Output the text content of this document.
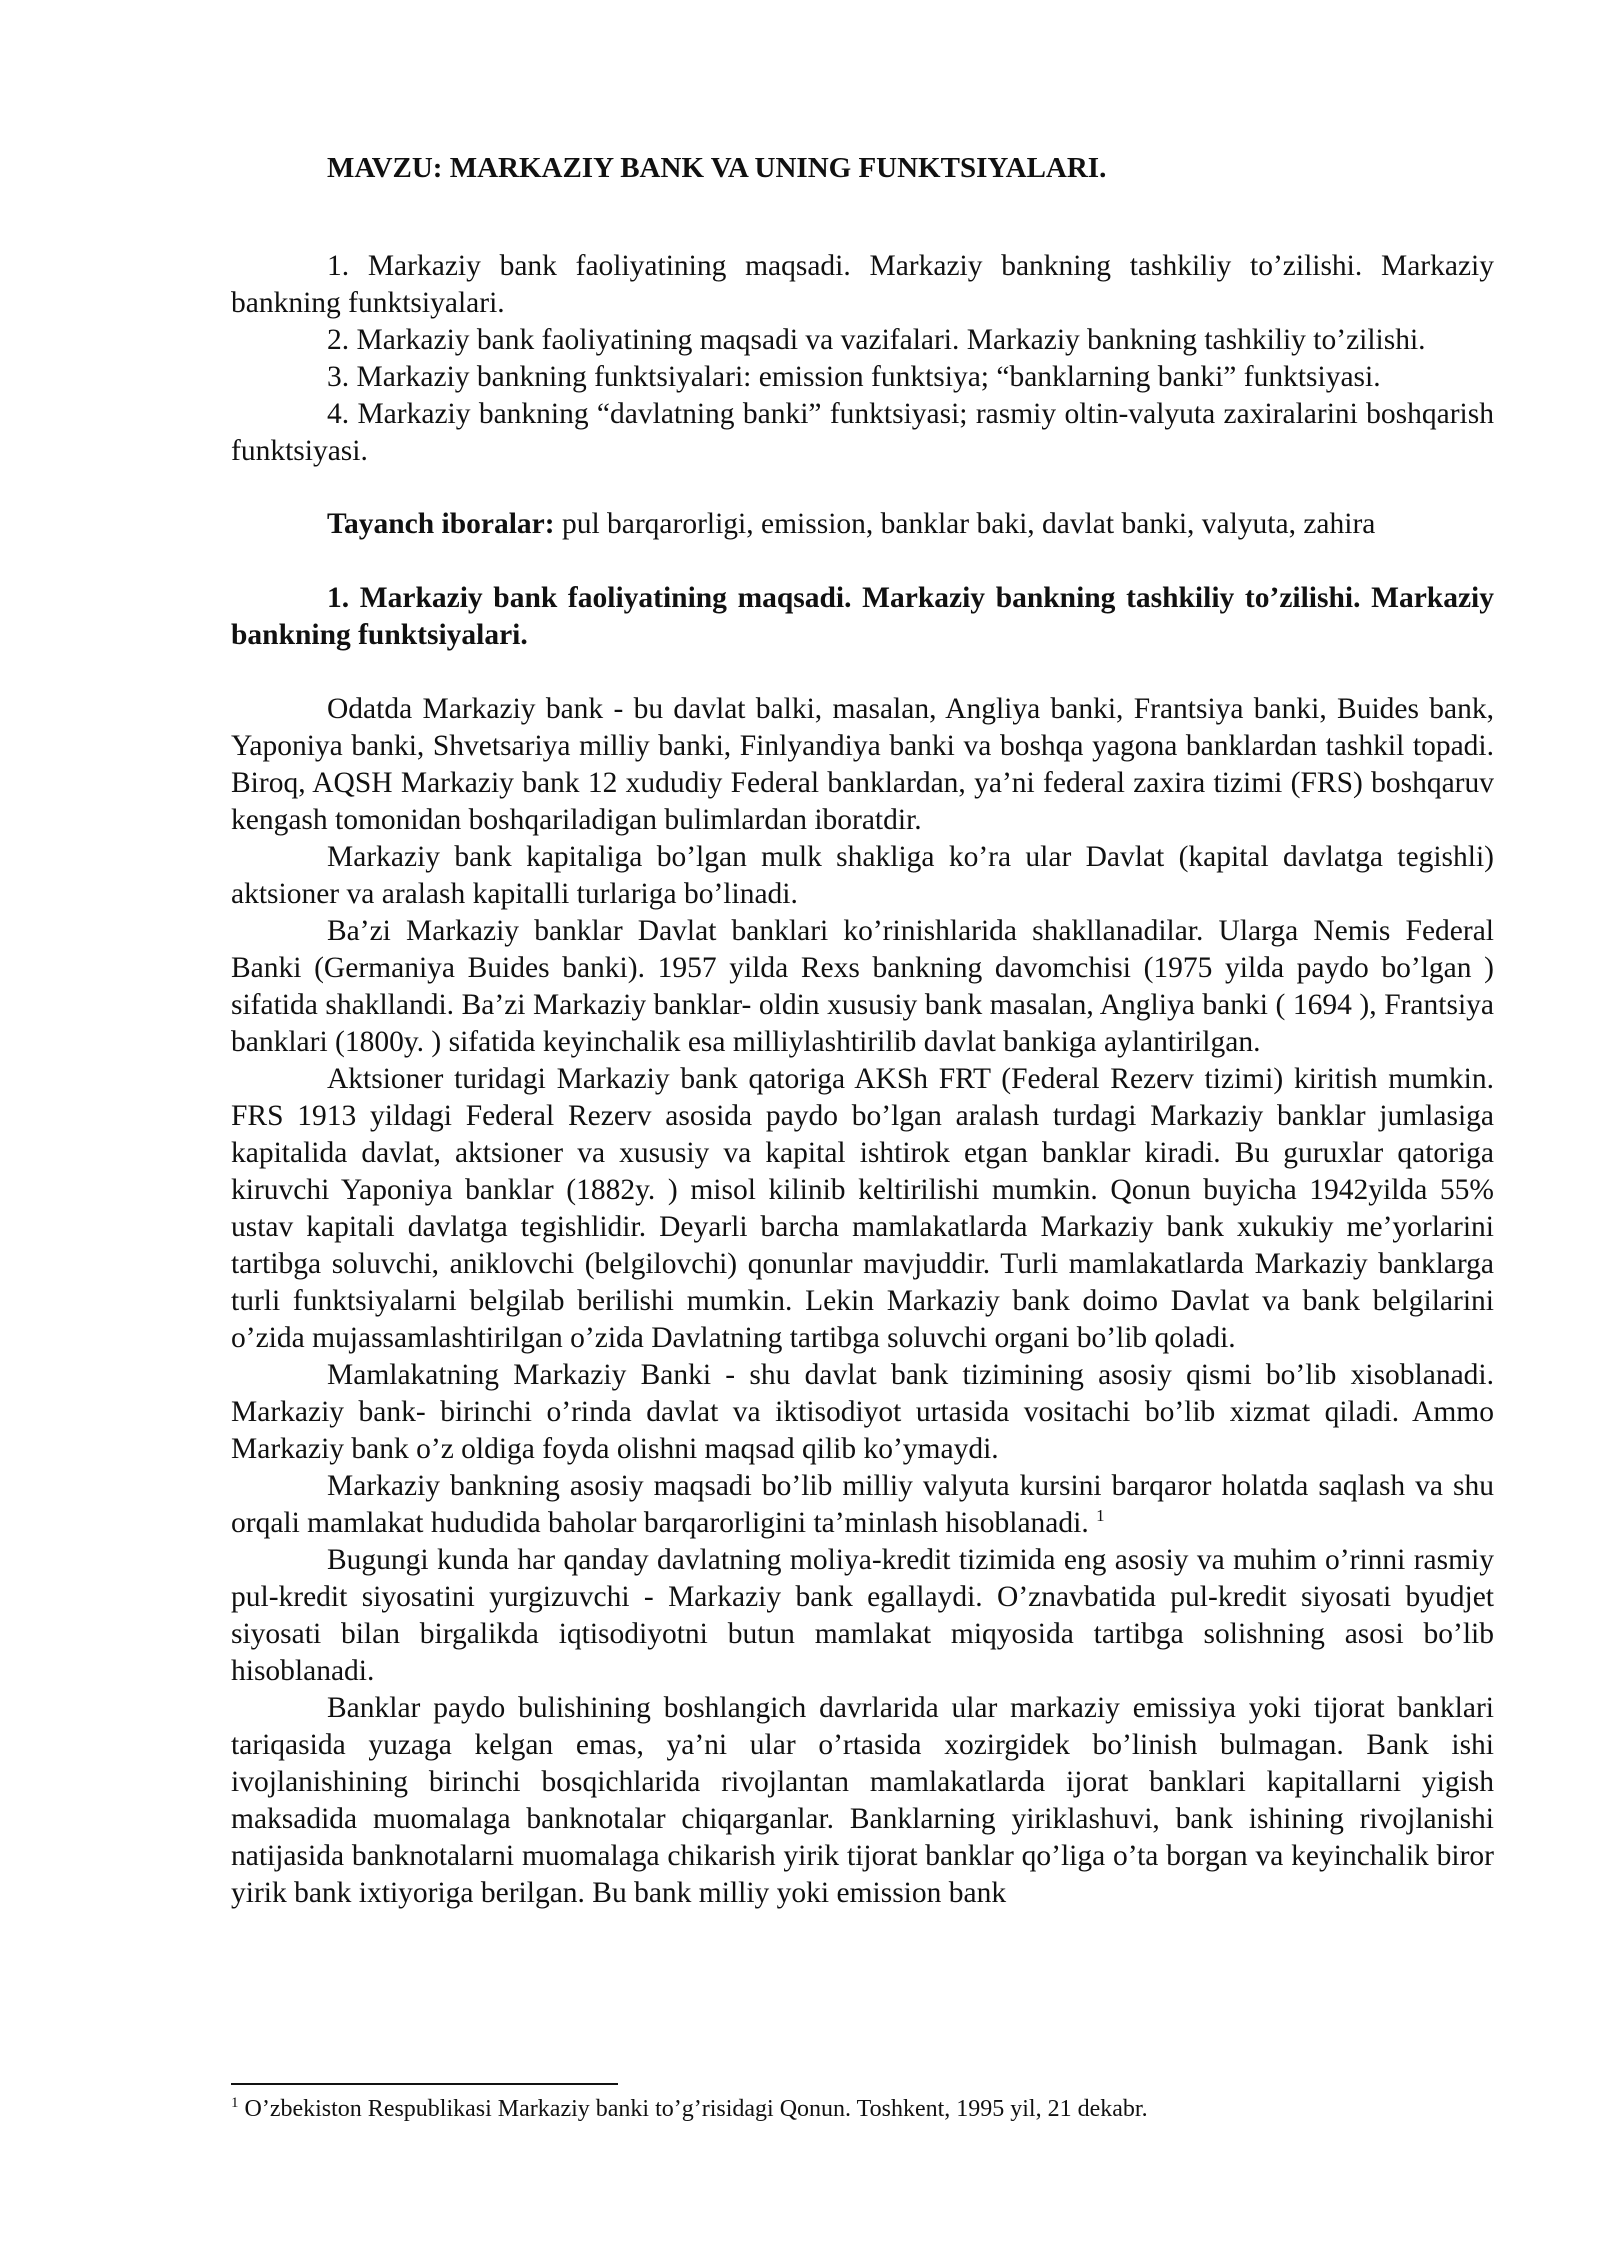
MAVZU: MARKAZIY BANK VA UNING FUNKTSIYALARI.

1. Markaziy bank faoliyatining maqsadi. Markaziy bankning tashkiliy to’zilishi. Markaziy bankning funktsiyalari.

2. Markaziy bank faoliyatining maqsadi va vazifalari. Markaziy bankning tashkiliy to’zilishi.

3. Markaziy bankning funktsiyalari: emission funktsiya; “banklarning banki” funktsiyasi.

4. Markaziy bankning “davlatning banki” funktsiyasi; rasmiy oltin-valyuta zaxiralarini boshqarish funktsiyasi.

Tayanch iboralar: pul barqarorligi, emission, banklar baki, davlat banki, valyuta, zahira

1. Markaziy bank faoliyatining maqsadi. Markaziy bankning tashkiliy to’zilishi. Markaziy bankning funktsiyalari.

Odatda Markaziy bank - bu davlat balki, masalan, Angliya banki, Frantsiya banki, Buides bank, Yaponiya banki, Shvetsariya milliy banki, Finlyandiya banki va boshqa yagona banklardan tashkil topadi. Biroq, AQSH Markaziy bank 12 xududiy Federal banklardan, ya’ni federal zaxira tizimi (FRS) boshqaruv kengash tomonidan boshqariladigan bulimlardan iboratdir.

Markaziy bank kapitaliga bo’lgan mulk shakliga ko’ra ular Davlat (kapital davlatga tegishli) aktsioner va aralash kapitalli turlariga bo’linadi.

Ba’zi Markaziy banklar Davlat banklari ko’rinishlarida shakllanadilar. Ularga Nemis Federal Banki (Germaniya Buides banki). 1957 yilda Rexs bankning davomchisi (1975 yilda paydo bo’lgan ) sifatida shakllandi. Ba’zi Markaziy banklar- oldin xususiy bank masalan, Angliya banki ( 1694 ), Frantsiya banklari (1800y. ) sifatida keyinchalik esa milliylashtirilib davlat bankiga aylantirilgan.

Aktsioner turidagi Markaziy bank qatoriga AKSh FRT (Federal Rezerv tizimi) kiritish mumkin. FRS 1913 yildagi Federal Rezerv asosida paydo bo’lgan aralash turdagi Markaziy banklar jumlasiga kapitalida davlat, aktsioner va xususiy va kapital ishtirok etgan banklar kiradi. Bu guruxlar qatoriga kiruvchi Yaponiya banklar (1882y. ) misol kilinib keltirilishi mumkin. Qonun buyicha 1942yilda 55% ustav kapitali davlatga tegishlidir. Deyarli barcha mamlakatlarda Markaziy bank xukukiy me’yorlarini tartibga soluvchi, aniklovchi (belgilovchi) qonunlar mavjuddir. Turli mamlakatlarda Markaziy banklarga turli funktsiyalarni belgilab berilishi mumkin. Lekin Markaziy bank doimo Davlat va bank belgilarini o’zida mujassamlashtirilgan o’zida Davlatning tartibga soluvchi organi bo’lib qoladi.

Mamlakatning Markaziy Banki - shu davlat bank tizimining asosiy qismi bo’lib xisoblanadi. Markaziy bank- birinchi o’rinda davlat va iktisodiyot urtasida vositachi bo’lib xizmat qiladi. Ammo Markaziy bank o’z oldiga foyda olishni maqsad qilib ko’ymaydi.

Markaziy bankning asosiy maqsadi bo’lib milliy valyuta kursini barqaror holatda saqlash va shu orqali mamlakat hududida baholar barqarorligini ta’minlash hisoblanadi. $^1$

Bugungi kunda har qanday davlatning moliya-kredit tizimida eng asosiy va muhim o’rinni rasmiy pul-kredit siyosatini yurgizuvchi - Markaziy bank egallaydi. O’znavbatida pul-kredit siyosati byudjet siyosati bilan birgalikda iqtisodiyotni butun mamlakat miqyosida tartibga solishning asosi bo’lib hisoblanadi.

Banklar paydo bulishining boshlangich davrlarida ular markaziy emissiya yoki tijorat banklari tariqasida yuzaga kelgan emas, ya’ni ular o’rtasida xozirgidek bo’linish bulmagan. Bank ishi ivojlanishining birinchi bosqichlarida rivojlantan mamlakatlarda ijorat banklari kapitallarni yigish maksadida muomalaga banknotalar chiqarganlar. Banklarning yiriklashuvi, bank ishining rivojlanishi natijasida banknotalarni muomalaga chikarish yirik tijorat banklar qo’liga o’ta borgan va keyinchalik biror yirik bank ixtiyoriga berilgan. Bu bank milliy yoki emission bank

$^1$ O’zbekiston Respublikasi Markaziy banki to’g’risidagi Qonun. Toshkent, 1995 yil, 21 dekabr.
